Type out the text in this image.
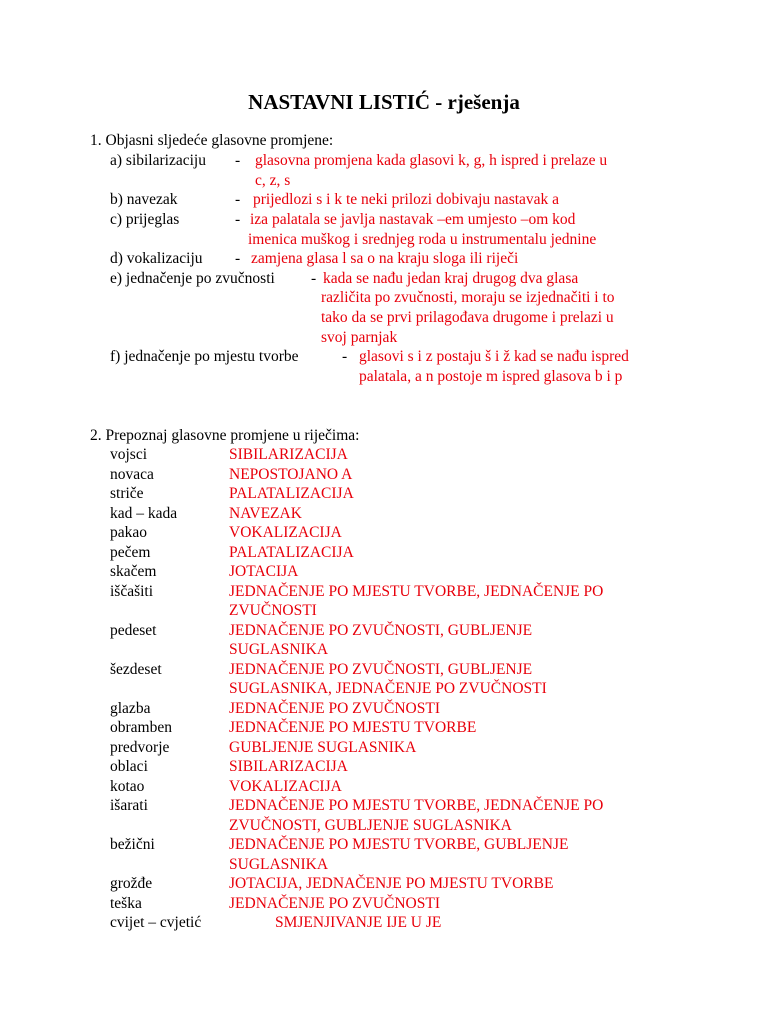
NASTAVNI LISTIĆ - rješenja
1. Objasni sljedeće glasovne promjene:
a) sibilarizaciju - glasovna promjena kada glasovi k, g, h ispred i prelaze u
c, z, s
b) navezak	- prijedlozi s i k te neki prilozi dobivaju nastavak a
c) prijeglas	- iza palatala se javlja nastavak –em umjesto –om kod
imenica muškog i srednjeg roda u instrumentalu jednine
d) vokalizaciju - zamjena glasa l sa o na kraju sloga ili riječi
e) jednačenje po zvučnosti - kada se nađu jedan kraj drugog dva glasa
različita po zvučnosti, moraju se izjednačiti i to
tako da se prvi prilagođava drugome i prelazi u
svoj parnjak
f) jednačenje po mjestu tvorbe	- glasovi s i z postaju š i ž kad se nađu ispred
palatala, a n postoje m ispred glasova b i p
2. Prepoznaj glasovne promjene u riječima:
vojsci	SIBILARIZACIJA
novaca	NEPOSTOJANO A
striče	PALATALIZACIJA
kad – kada	NAVEZAK
pakao	VOKALIZACIJA
pečem	PALATALIZACIJA
skačem	JOTACIJA
iščašiti	JEDNAČENJE PO MJESTU TVORBE, JEDNAČENJE PO
ZVUČNOSTI
pedeset	JEDNAČENJE PO ZVUČNOSTI, GUBLJENJE
SUGLASNIKA
šezdeset	JEDNAČENJE PO ZVUČNOSTI, GUBLJENJE
SUGLASNIKA, JEDNAČENJE PO ZVUČNOSTI
glazba	JEDNAČENJE PO ZVUČNOSTI
obramben	JEDNAČENJE PO MJESTU TVORBE
predvorje	GUBLJENJE SUGLASNIKA
oblaci	SIBILARIZACIJA
kotao	VOKALIZACIJA
išarati	JEDNAČENJE PO MJESTU TVORBE, JEDNAČENJE PO
ZVUČNOSTI, GUBLJENJE SUGLASNIKA
bežični	JEDNAČENJE PO MJESTU TVORBE, GUBLJENJE
SUGLASNIKA
grožđe	JOTACIJA, JEDNAČENJE PO MJESTU TVORBE
teška	JEDNAČENJE PO ZVUČNOSTI
cvijet – cvjetić	SMJENJIVANJE IJE U JE
